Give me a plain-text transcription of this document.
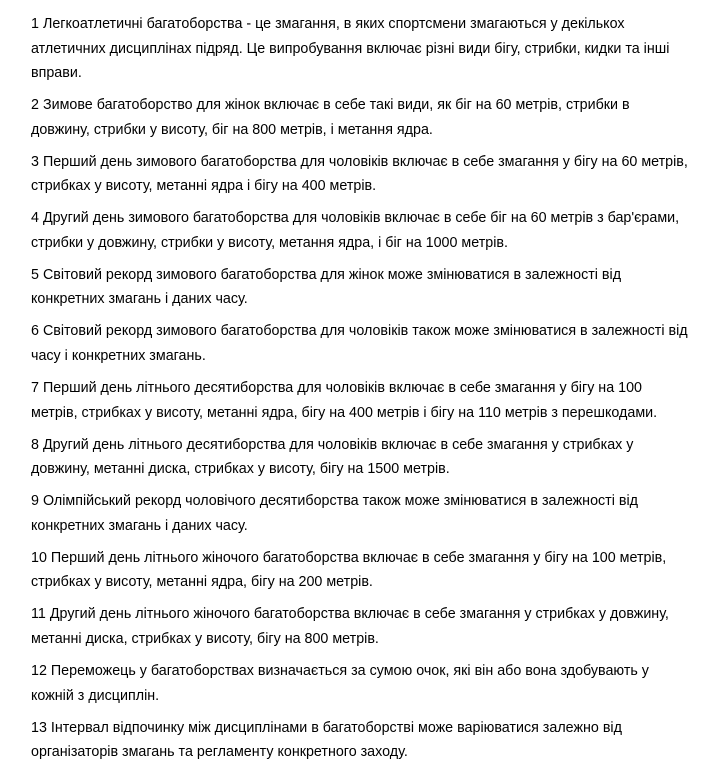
1 Легкоатлетичні багатоборства - це змагання, в яких спортсмени змагаються у декількох атлетичних дисциплінах підряд. Це випробування включає різні види бігу, стрибки, кидки та інші вправи.

2 Зимове багатоборство для жінок включає в себе такі види, як біг на 60 метрів, стрибки в довжину, стрибки у висоту, біг на 800 метрів, і метання ядра.

3 Перший день зимового багатоборства для чоловіків включає в себе змагання у бігу на 60 метрів, стрибках у висоту, метанні ядра і бігу на 400 метрів.

4 Другий день зимового багатоборства для чоловіків включає в себе біг на 60 метрів з бар'єрами, стрибки у довжину, стрибки у висоту, метання ядра, і біг на 1000 метрів.

5 Світовий рекорд зимового багатоборства для жінок може змінюватися в залежності від конкретних змагань і даних часу.

6 Світовий рекорд зимового багатоборства для чоловіків також може змінюватися в залежності від часу і конкретних змагань.

7 Перший день літнього десятиборства для чоловіків включає в себе змагання у бігу на 100 метрів, стрибках у висоту, метанні ядра, бігу на 400 метрів і бігу на 110 метрів з перешкодами.

8 Другий день літнього десятиборства для чоловіків включає в себе змагання у стрибках у довжину, метанні диска, стрибках у висоту, бігу на 1500 метрів.

9 Олімпійський рекорд чоловічого десятиборства також може змінюватися в залежності від конкретних змагань і даних часу.

10 Перший день літнього жіночого багатоборства включає в себе змагання у бігу на 100 метрів, стрибках у висоту, метанні ядра, бігу на 200 метрів.

11 Другий день літнього жіночого багатоборства включає в себе змагання у стрибках у довжину, метанні диска, стрибках у висоту, бігу на 800 метрів.

12 Переможець у багатоборствах визначається за сумою очок, які він або вона здобувають у кожній з дисциплін.

13 Інтервал відпочинку між дисциплінами в багатоборстві може варіюватися залежно від організаторів змагань та регламенту конкретного заходу.
